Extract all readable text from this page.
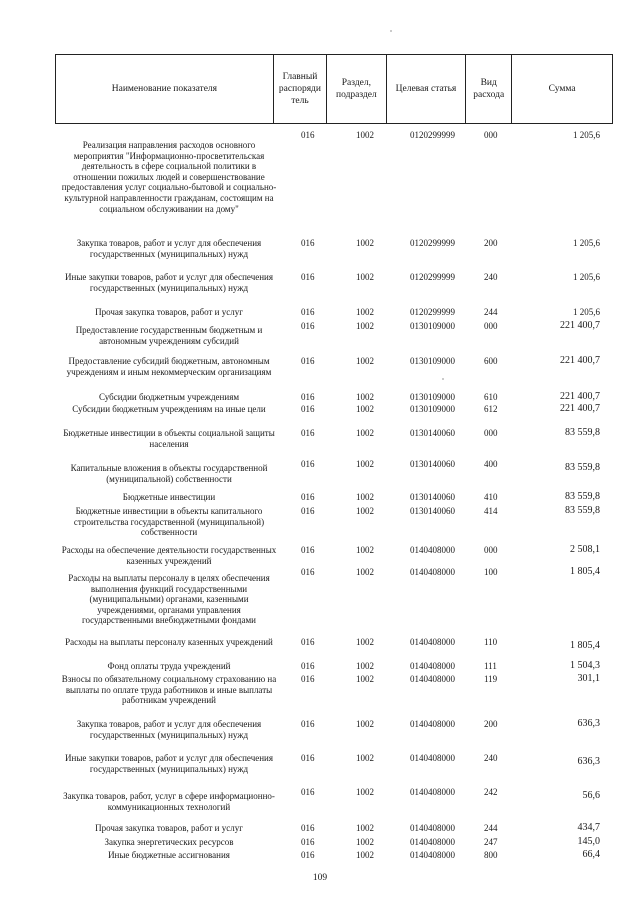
Наименование показателя	Главный распоряди тель	Раздел, подраздел	Целевая статья	Вид расхода	Сумма
Реализация направления расходов основного мероприятия "Информационно-просветительская деятельность в сфере социальной политики в отношении пожилых людей и совершенствование предоставления услуг социально-бытовой и социально-культурной направленности гражданам, состоящим на социальном обслуживании на дому"
016	1002	0120299999	000	1 205,6
Закупка товаров, работ и услуг для обеспечения государственных (муниципальных) нужд
016	1002	0120299999	200	1 205,6
Иные закупки товаров, работ и услуг для обеспечения государственных (муниципальных) нужд
016	1002	0120299999	240	1 205,6
Прочая закупка товаров, работ и услуг	016	1002	0120299999	244	1 205,6
Предоставление государственным бюджетным и автономным учреждениям субсидий
016	1002	0130109000	000	221 400,7
Предоставление субсидий бюджетным, автономным учреждениям и иным некоммерческим организациям
016	1002	0130109000	600	221 400,7
Субсидии бюджетным учреждениям	016	1002	0130109000	610	221 400,7
Субсидии бюджетным учреждениям на иные цели	016	1002	0130109000	612	221 400,7
Бюджетные инвестиции в объекты социальной защиты населения
016	1002	0130140060	000	83 559,8
Капитальные вложения в объекты государственной (муниципальной) собственности
016	1002	0130140060	400	83 559,8
Бюджетные инвестиции	016	1002	0130140060	410	83 559,8
Бюджетные инвестиции в объекты капитального строительства государственной (муниципальной) собственности
016	1002	0130140060	414	83 559,8
Расходы на обеспечение деятельности государственных казенных учреждений
016	1002	0140408000	000	2 508,1
Расходы на выплаты персоналу в целях обеспечения выполнения функций государственными (муниципальными) органами, казенными учреждениями, органами управления государственными внебюджетными фондами
016	1002	0140408000	100	1 805,4
Расходы на выплаты персоналу казенных учреждений	016	1002	0140408000	110	1 805,4
Фонд оплаты труда учреждений	016	1002	0140408000	111	1 504,3
Взносы по обязательному социальному страхованию на выплаты по оплате труда работников и иные выплаты работникам учреждений
016	1002	0140408000	119	301,1
Закупка товаров, работ и услуг для обеспечения государственных (муниципальных) нужд
016	1002	0140408000	200	636,3
Иные закупки товаров, работ и услуг для обеспечения государственных (муниципальных) нужд
016	1002	0140408000	240	636,3
Закупка товаров, работ, услуг в сфере информационно-коммуникационных технологий
016	1002	0140408000	242	56,6
Прочая закупка товаров, работ и услуг	016	1002	0140408000	244	434,7
Закупка энергетических ресурсов	016	1002	0140408000	247	145,0
Иные бюджетные ассигнования	016	1002	0140408000	800	66,4
109
